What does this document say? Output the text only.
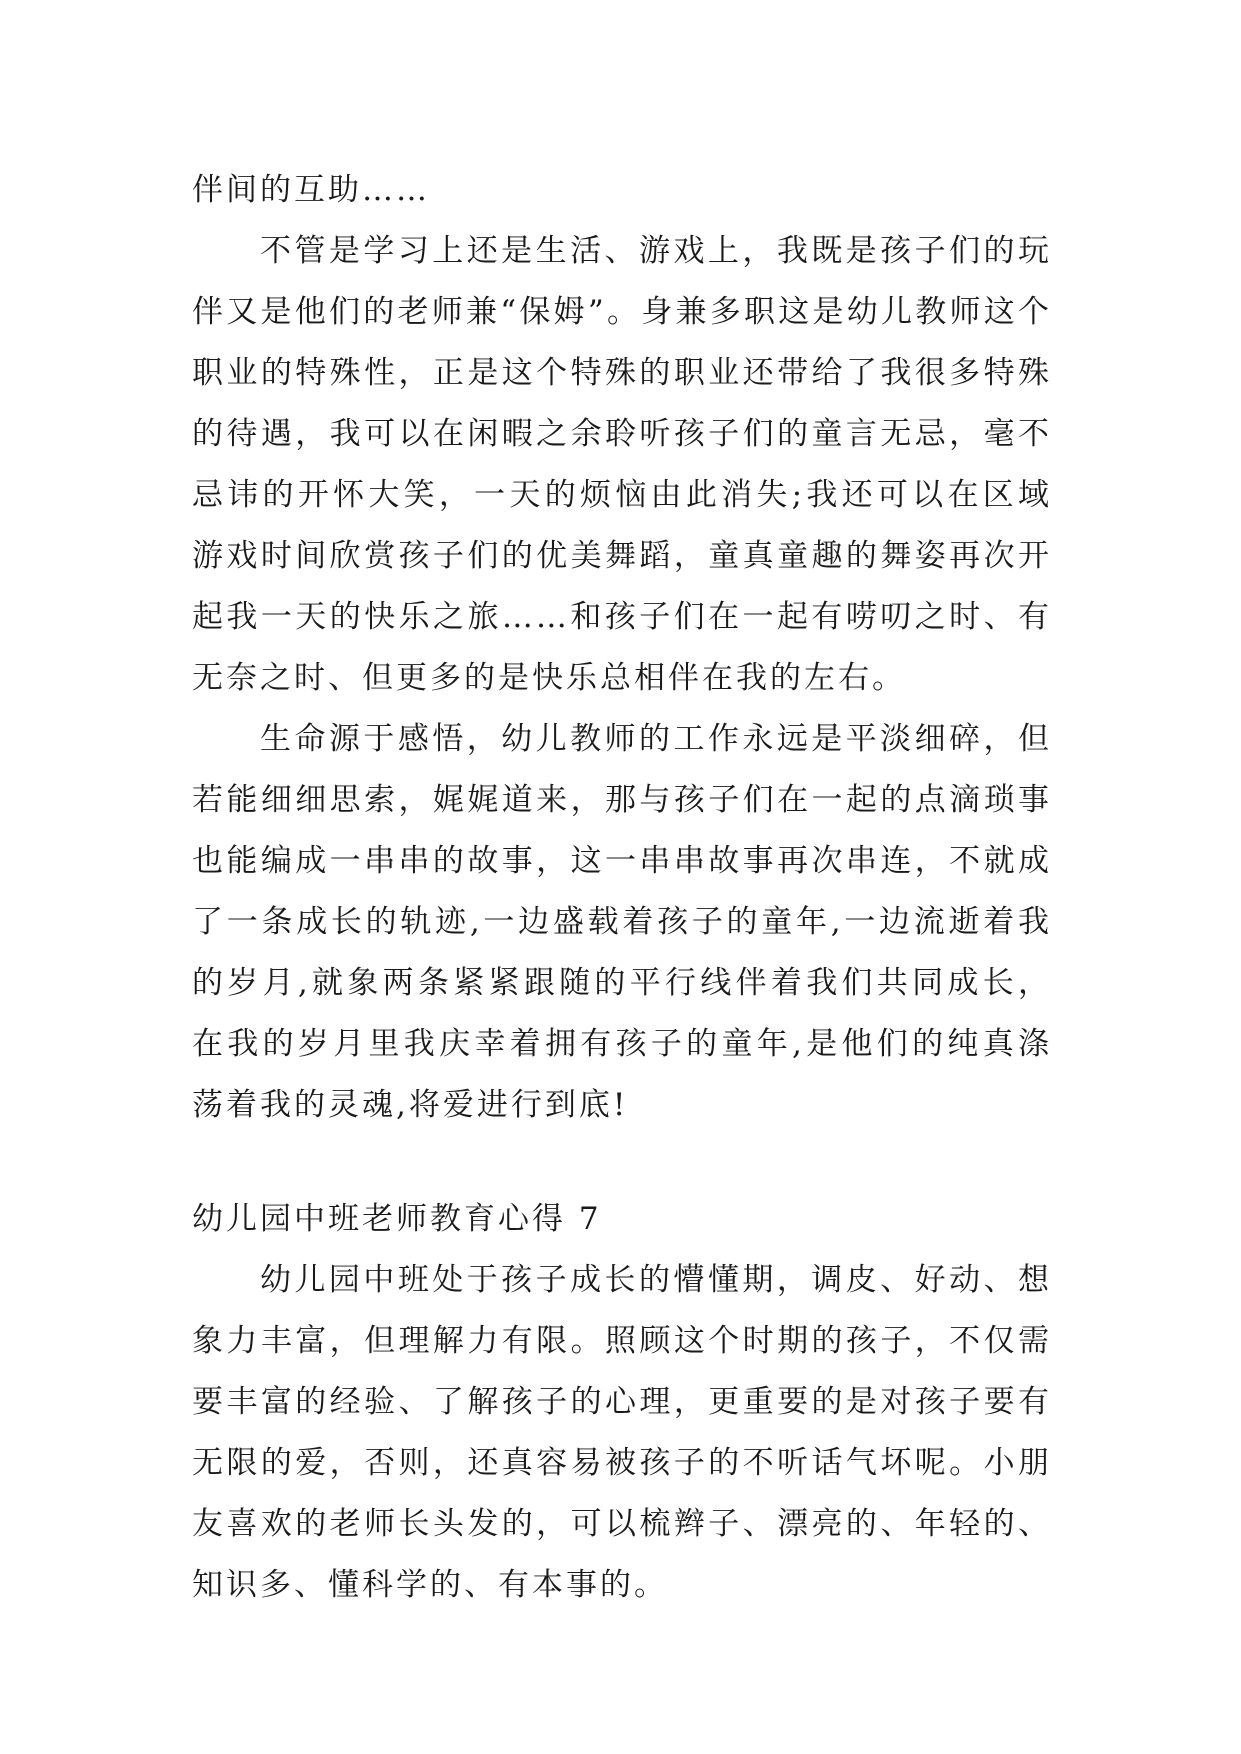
伴间的互助……

不管是学习上还是生活、游戏上，我既是孩子们的玩伴又是他们的老师兼“保姆”。身兼多职这是幼儿教师这个职业的特殊性，正是这个特殊的职业还带给了我很多特殊的待遇，我可以在闲暇之余聆听孩子们的童言无忌，毫不忌讳的开怀大笑，一天的烦恼由此消失;我还可以在区域游戏时间欣赏孩子们的优美舞蹈，童真童趣的舞姿再次开起我一天的快乐之旅……和孩子们在一起有唠叨之时、有无奈之时、但更多的是快乐总相伴在我的左右。

生命源于感悟，幼儿教师的工作永远是平淡细碎，但若能细细思索，娓娓道来，那与孩子们在一起的点滴琐事也能编成一串串的故事，这一串串故事再次串连，不就成了一条成长的轨迹,一边盛载着孩子的童年,一边流逝着我的岁月,就象两条紧紧跟随的平行线伴着我们共同成长，在我的岁月里我庆幸着拥有孩子的童年,是他们的纯真涤荡着我的灵魂,将爱进行到底!

幼儿园中班老师教育心得 7

幼儿园中班处于孩子成长的懵懂期，调皮、好动、想象力丰富，但理解力有限。照顾这个时期的孩子，不仅需要丰富的经验、了解孩子的心理，更重要的是对孩子要有无限的爱，否则，还真容易被孩子的不听话气坏呢。小朋友喜欢的老师长头发的，可以梳辫子、漂亮的、年轻的、知识多、懂科学的、有本事的。
